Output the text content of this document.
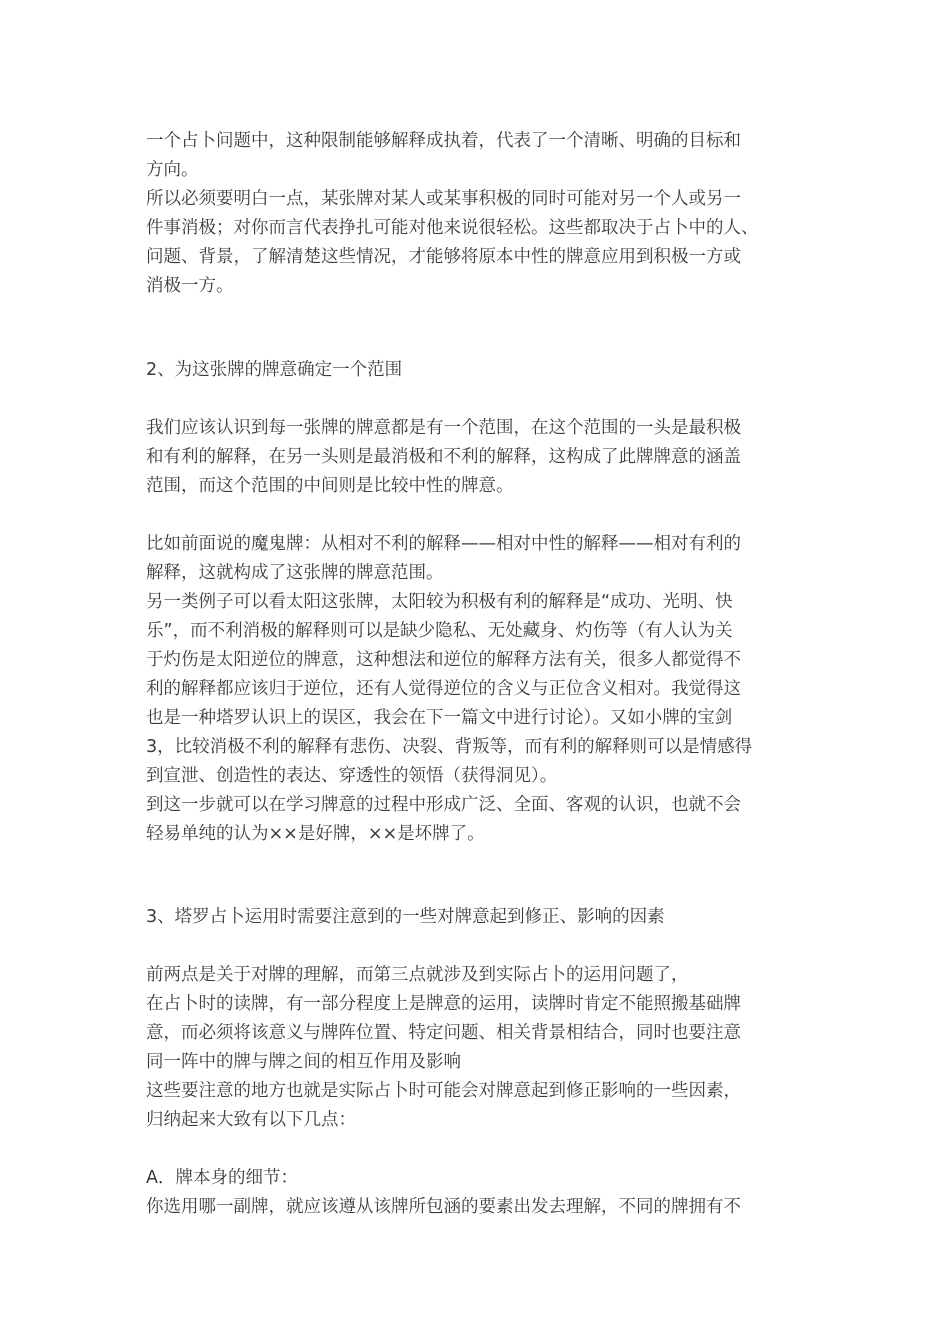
一个占卜问题中，这种限制能够解释成执着，代表了一个清晰、明确的目标和
方向。
所以必须要明白一点，某张牌对某人或某事积极的同时可能对另一个人或另一
件事消极；对你而言代表挣扎可能对他来说很轻松。这些都取决于占卜中的人、
问题、背景，了解清楚这些情况，才能够将原本中性的牌意应用到积极一方或
消极一方。
2、为这张牌的牌意确定一个范围
我们应该认识到每一张牌的牌意都是有一个范围，在这个范围的一头是最积极
和有利的解释，在另一头则是最消极和不利的解释，这构成了此牌牌意的涵盖
范围，而这个范围的中间则是比较中性的牌意。
比如前面说的魔鬼牌：从相对不利的解释——相对中性的解释——相对有利的
解释，这就构成了这张牌的牌意范围。
另一类例子可以看太阳这张牌，太阳较为积极有利的解释是“成功、光明、快
乐”，而不利消极的解释则可以是缺少隐私、无处藏身、灼伤等（有人认为关
于灼伤是太阳逆位的牌意，这种想法和逆位的解释方法有关，很多人都觉得不
利的解释都应该归于逆位，还有人觉得逆位的含义与正位含义相对。我觉得这
也是一种塔罗认识上的误区，我会在下一篇文中进行讨论）。又如小牌的宝剑
3，比较消极不利的解释有悲伤、决裂、背叛等，而有利的解释则可以是情感得
到宣泄、创造性的表达、穿透性的领悟（获得洞见）。
到这一步就可以在学习牌意的过程中形成广泛、全面、客观的认识，也就不会
轻易单纯的认为××是好牌，××是坏牌了。
3、塔罗占卜运用时需要注意到的一些对牌意起到修正、影响的因素
前两点是关于对牌的理解，而第三点就涉及到实际占卜的运用问题了，
在占卜时的读牌，有一部分程度上是牌意的运用，读牌时肯定不能照搬基础牌
意，而必须将该意义与牌阵位置、特定问题、相关背景相结合，同时也要注意
同一阵中的牌与牌之间的相互作用及影响
这些要注意的地方也就是实际占卜时可能会对牌意起到修正影响的一些因素，
归纳起来大致有以下几点：
A．牌本身的细节：
你选用哪一副牌，就应该遵从该牌所包涵的要素出发去理解，不同的牌拥有不
